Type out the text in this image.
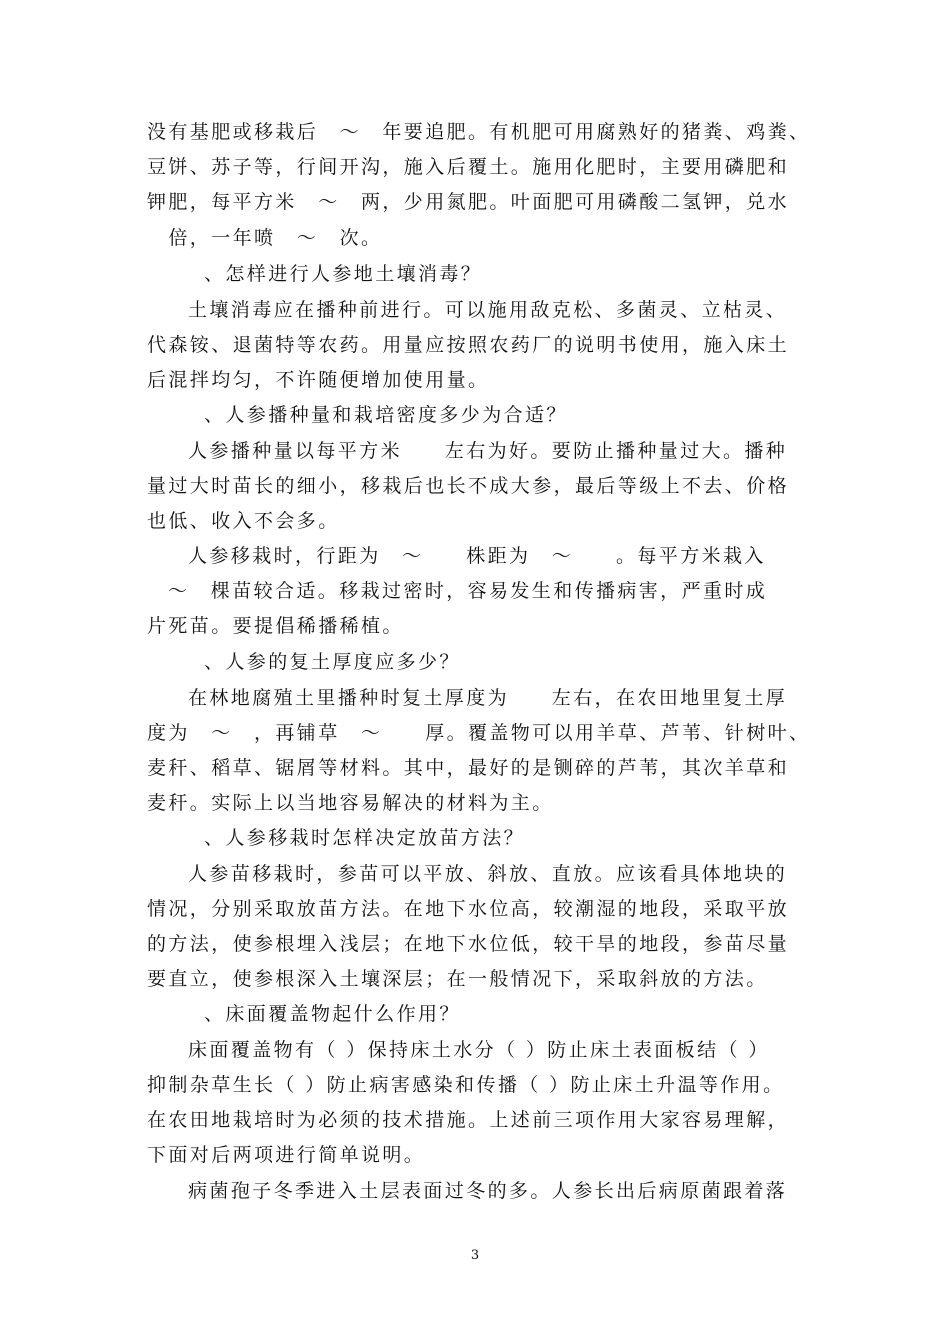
没有基肥或移栽后　～　年要追肥。有机肥可用腐熟好的猪粪、鸡粪、
豆饼、苏子等，行间开沟，施入后覆土。施用化肥时，主要用磷肥和
钾肥，每平方米　～　两，少用氮肥。叶面肥可用磷酸二氢钾，兑水
　倍，一年喷　～　次。
、怎样进行人参地土壤消毒？
土壤消毒应在播种前进行。可以施用敌克松、多菌灵、立枯灵、
代森铵、退菌特等农药。用量应按照农药厂的说明书使用，施入床土
后混拌均匀，不许随便增加使用量。
、人参播种量和栽培密度多少为合适？
人参播种量以每平方米　　左右为好。要防止播种量过大。播种
量过大时苗长的细小，移栽后也长不成大参，最后等级上不去、价格
也低、收入不会多。
人参移栽时，行距为　～　　株距为　～　　。每平方米栽入
～　棵苗较合适。移栽过密时，容易发生和传播病害，严重时成
片死苗。要提倡稀播稀植。
、人参的复土厚度应多少？
在林地腐殖土里播种时复土厚度为　　左右，在农田地里复土厚
度为　～　，再铺草　～　　厚。覆盖物可以用羊草、芦苇、针树叶、
麦秆、稻草、锯屑等材料。其中，最好的是铡碎的芦苇，其次羊草和
麦秆。实际上以当地容易解决的材料为主。
、人参移栽时怎样决定放苗方法？
人参苗移栽时，参苗可以平放、斜放、直放。应该看具体地块的
情况，分别采取放苗方法。在地下水位高，较潮湿的地段，采取平放
的方法，使参根埋入浅层；在地下水位低，较干旱的地段，参苗尽量
要直立，使参根深入土壤深层；在一般情况下，采取斜放的方法。
、床面覆盖物起什么作用？
床面覆盖物有（ ）保持床土水分（ ）防止床土表面板结（ ）
抑制杂草生长（ ）防止病害感染和传播（ ）防止床土升温等作用。
在农田地栽培时为必须的技术措施。上述前三项作用大家容易理解，
下面对后两项进行简单说明。
病菌孢子冬季进入土层表面过冬的多。人参长出后病原菌跟着落
3
